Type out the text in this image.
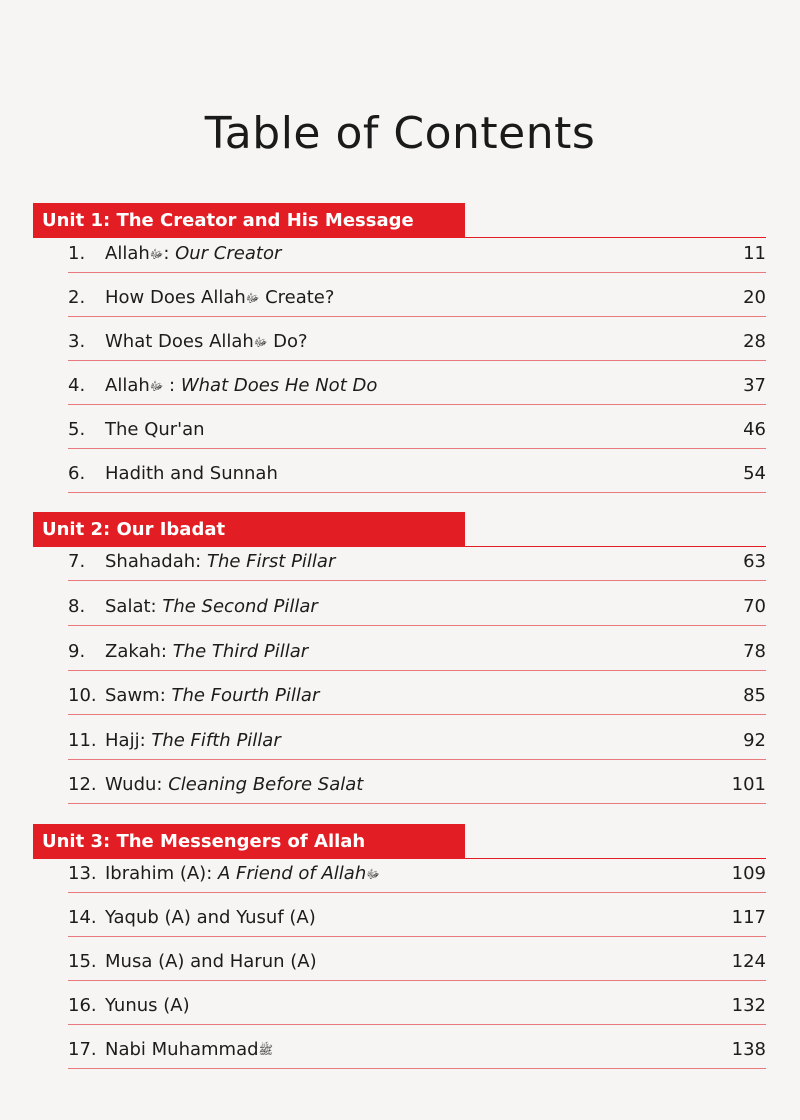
Table of Contents
Unit 1: The Creator and His Message
1. Allahﷻ: Our Creator	11
2. How Does Allahﷻ Create?	20
3. What Does Allahﷻ Do?	28
4. Allahﷻ : What Does He Not Do	37
5. The Qur'an	46
6. Hadith and Sunnah	54
Unit 2: Our Ibadat
7. Shahadah: The First Pillar	63
8. Salat: The Second Pillar	70
9. Zakah: The Third Pillar	78
10. Sawm: The Fourth Pillar	85
11. Hajj: The Fifth Pillar	92
12. Wudu: Cleaning Before Salat	101
Unit 3: The Messengers of Allah
13. Ibrahim (A): A Friend of Allahﷻ	109
14. Yaqub (A) and Yusuf (A)	117
15. Musa (A) and Harun (A)	124
16. Yunus (A)	132
17. Nabi Muhammadﷺ	138
